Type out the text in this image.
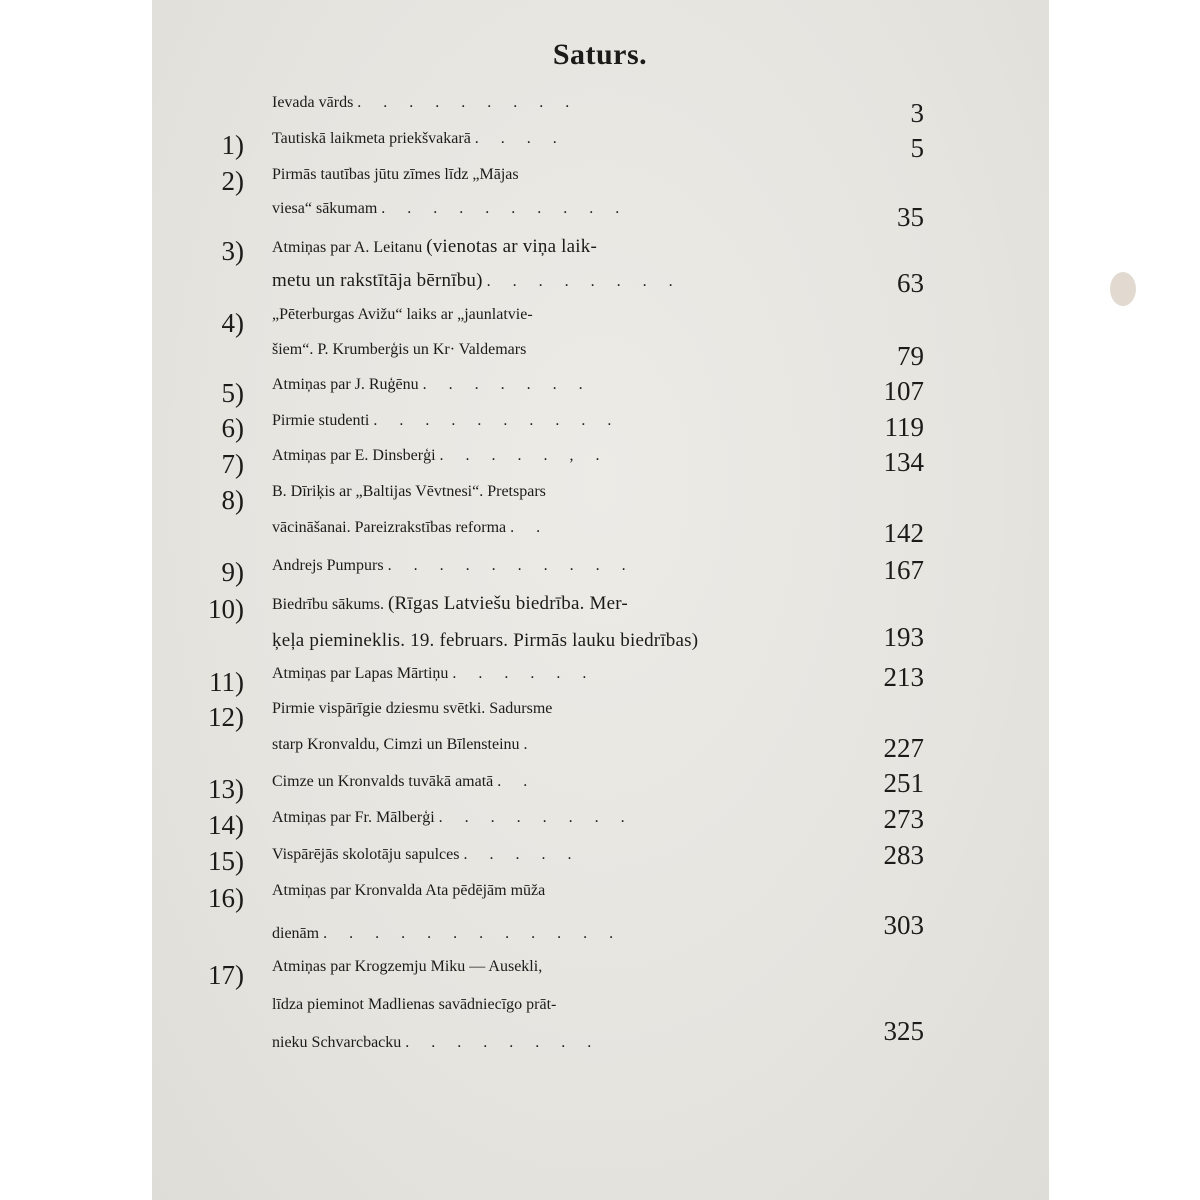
Saturs.
Ievada vārds . . . . . . . . .	3
1) Tautiskā laikmeta priekšvakarā . . . .	5
2) Pirmās tautības jūtu zīmes līdz „Mājas
viesa“ sākumam . . . . . . . . . .	35
3) Atmiņas par A. Leitanu (vienotas ar viņa laik-
metu un rakstītāja bērnību) . . . . . . . .	63
4) „Pēterburgas Avižu“ laiks ar „jaunlatvie-
šiem“. P. Krumberģis un Kr· Valdemars	79
5) Atmiņas par J. Ruģēnu . . . . . . .	107
6) Pirmie studenti . . . . . . . . . .	119
7) Atmiņas par E. Dinsberģi . . . . . , .	134
8) B. Dīriķis ar „Baltijas Vēvtnesi“. Pretspars
vācināšanai. Pareizrakstības reforma . .	142
9) Andrejs Pumpurs . . . . . . . . . .	167
10) Biedrību sākums. (Rīgas Latviešu biedrība. Mer-
ķeļa piemineklis. 19. februars. Pirmās lauku biedrības)	193
11) Atmiņas par Lapas Mārtiņu . . . . . .	213
12) Pirmie vispārīgie dziesmu svētki. Sadursme
starp Kronvaldu, Cimzi un Bīlensteinu .	227
13) Cimze un Kronvalds tuvākā amatā . .	251
14) Atmiņas par Fr. Mālberģi . . . . . . . .	273
15) Vispārējās skolotāju sapulces . . . . .	283
16) Atmiņas par Kronvalda Ata pēdējām mūža
dienām . . . . . . . . . . . .	303
17) Atmiņas par Krogzemju Miku — Ausekli,
līdza pieminot Madlienas savādniecīgo prāt-
nieku Schvarcbacku . . . . . . . .	325
